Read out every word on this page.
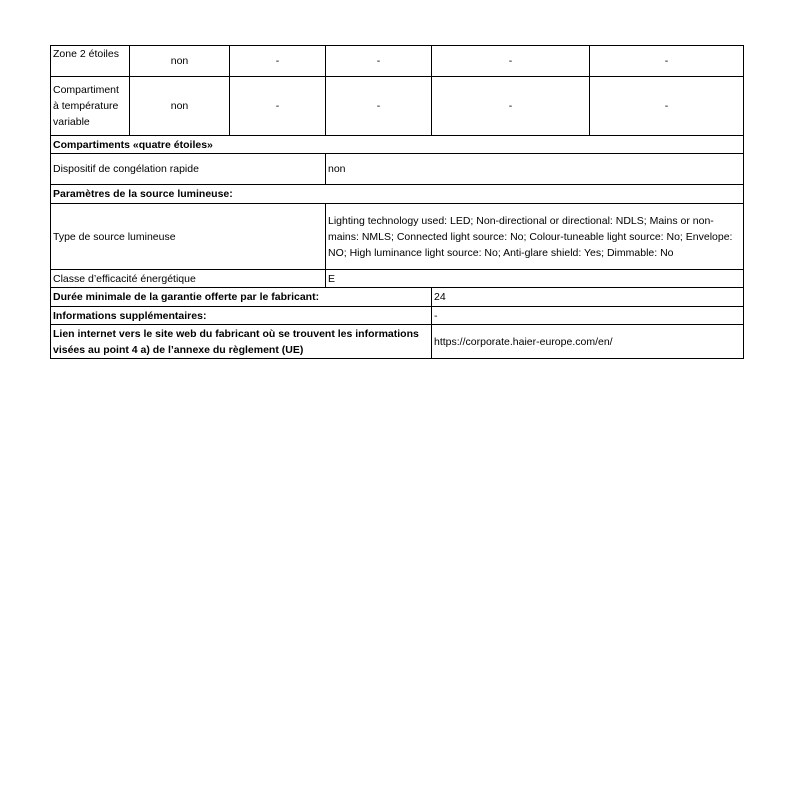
Zone 2 étoiles	non	-	-	-	-
Compartiment à température variable	non	-	-	-	-
Compartiments «quatre étoiles»					
Dispositif de congélation rapide			non		
Paramètres de la source lumineuse:					
Type de source lumineuse			Lighting technology used: LED; Non-directional or directional: NDLS; Mains or non-mains: NMLS; Connected light source: No; Colour-tuneable light source: No; Envelope: NO; High luminance light source: No; Anti-glare shield: Yes; Dimmable: No		
Classe d’efficacité énergétique			E		
Durée minimale de la garantie offerte par le fabricant:				24	
Informations supplémentaires:				-	
Lien internet vers le site web du fabricant où se trouvent les informations visées au point 4 a) de l’annexe du règlement (UE)				https://corporate.haier-europe.com/en/	
